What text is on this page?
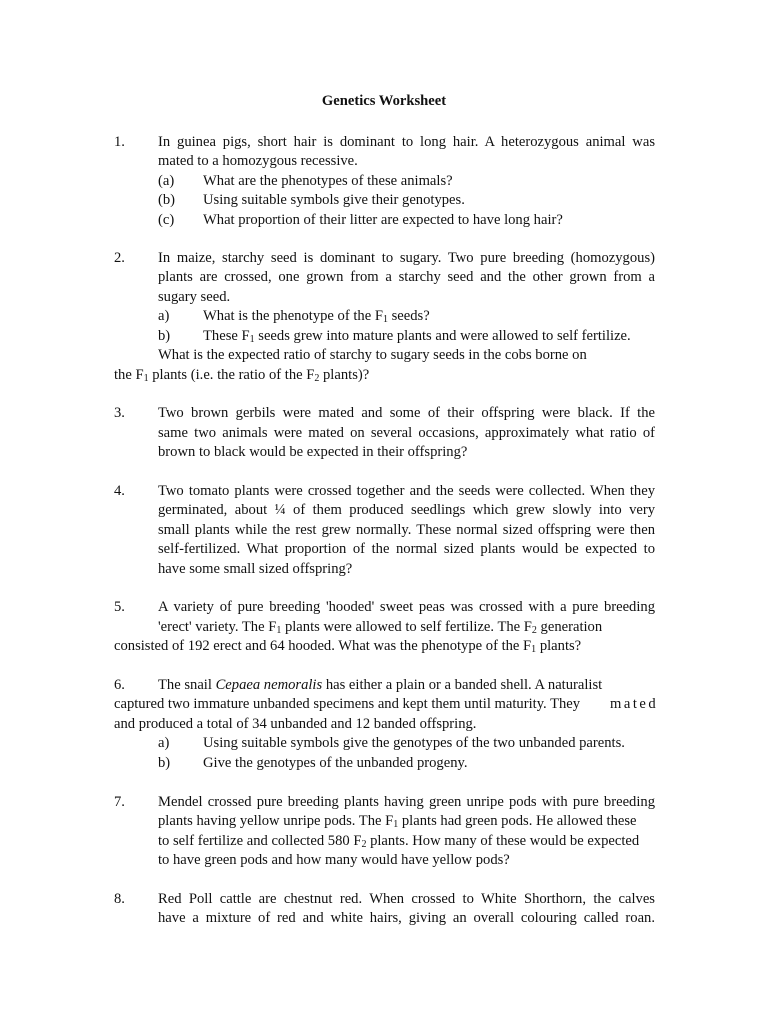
Genetics Worksheet
1. In guinea pigs, short hair is dominant to long hair. A heterozygous animal was
mated to a homozygous recessive.
(a) What are the phenotypes of these animals?
(b) Using suitable symbols give their genotypes.
(c) What proportion of their litter are expected to have long hair?
2. In maize, starchy seed is dominant to sugary. Two pure breeding (homozygous)
plants are crossed, one grown from a starchy seed and the other grown from a
sugary seed.
a) What is the phenotype of the $F_1$ seeds?
b) These $F_1$ seeds grew into mature plants and were allowed to self fertilize.
What is the expected ratio of starchy to sugary seeds in the cobs borne on
the $F_1$ plants (i.e. the ratio of the $F_2$ plants)?
3. Two brown gerbils were mated and some of their offspring were black. If the
same two animals were mated on several occasions, approximately what ratio of
brown to black would be expected in their offspring?
4. Two tomato plants were crossed together and the seeds were collected. When they
germinated, about ¼ of them produced seedlings which grew slowly into very
small plants while the rest grew normally. These normal sized offspring were then
self-fertilized. What proportion of the normal sized plants would be expected to
have some small sized offspring?
5. A variety of pure breeding 'hooded' sweet peas was crossed with a pure breeding
'erect' variety. The $F_1$ plants were allowed to self fertilize. The $F_2$ generation
consisted of 192 erect and 64 hooded. What was the phenotype of the $F_1$ plants?
6. The snail Cepaea nemoralis has either a plain or a banded shell. A naturalist
captured two immature unbanded specimens and kept them until maturity. They mated
and produced a total of 34 unbanded and 12 banded offspring.
a) Using suitable symbols give the genotypes of the two unbanded parents.
b) Give the genotypes of the unbanded progeny.
7. Mendel crossed pure breeding plants having green unripe pods with pure breeding
plants having yellow unripe pods. The $F_1$ plants had green pods. He allowed these
to self fertilize and collected 580 $F_2$ plants. How many of these would be expected
to have green pods and how many would have yellow pods?
8. Red Poll cattle are chestnut red. When crossed to White Shorthorn, the calves
have a mixture of red and white hairs, giving an overall colouring called roan.
